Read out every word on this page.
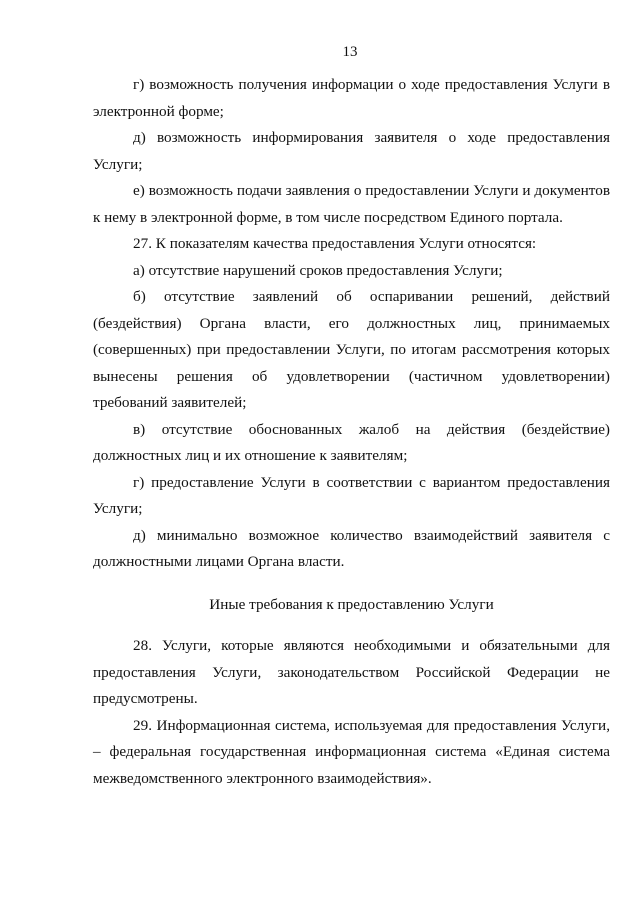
13

г) возможность получения информации о ходе предоставления Услуги в электронной форме;

д) возможность информирования заявителя о ходе предоставления Услуги;

е) возможность подачи заявления о предоставлении Услуги и документов к нему в электронной форме, в том числе посредством Единого портала.

27. К показателям качества предоставления Услуги относятся:

а) отсутствие нарушений сроков предоставления Услуги;

б) отсутствие заявлений об оспаривании решений, действий (бездействия) Органа власти, его должностных лиц, принимаемых (совершенных) при предоставлении Услуги, по итогам рассмотрения которых вынесены решения об удовлетворении (частичном удовлетворении) требований заявителей;

в) отсутствие обоснованных жалоб на действия (бездействие) должностных лиц и их отношение к заявителям;

г) предоставление Услуги в соответствии с вариантом предоставления Услуги;

д) минимально возможное количество взаимодействий заявителя с должностными лицами Органа власти.

Иные требования к предоставлению Услуги

28. Услуги, которые являются необходимыми и обязательными для предоставления Услуги, законодательством Российской Федерации не предусмотрены.

29. Информационная система, используемая для предоставления Услуги, – федеральная государственная информационная система «Единая система межведомственного электронного взаимодействия».
